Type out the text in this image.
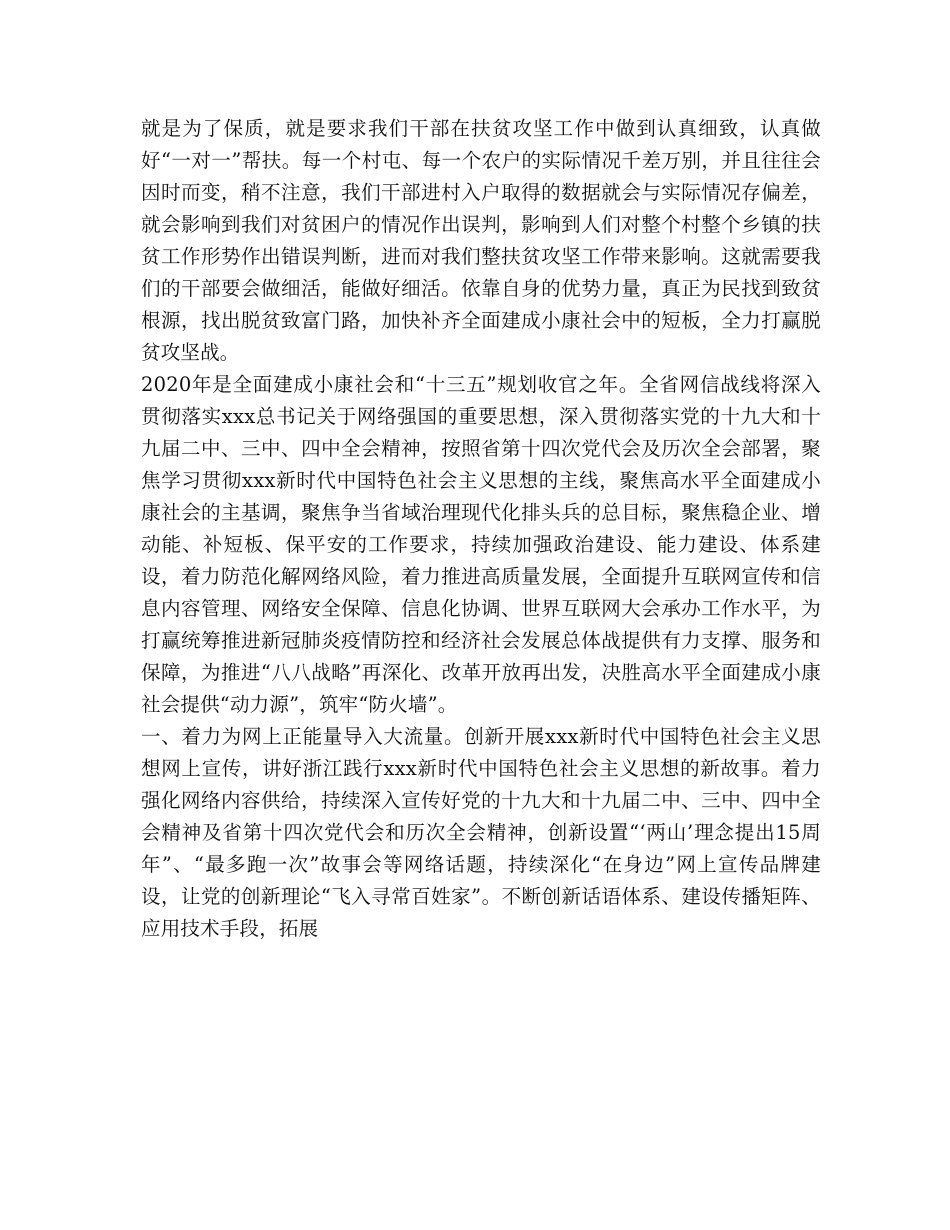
就是为了保质，就是要求我们干部在扶贫攻坚工作中做到认真细致，认真做好“一对一”帮扶。每一个村屯、每一个农户的实际情况千差万别，并且往往会因时而变，稍不注意，我们干部进村入户取得的数据就会与实际情况存偏差，就会影响到我们对贫困户的情况作出误判，影响到人们对整个村整个乡镇的扶贫工作形势作出错误判断，进而对我们整扶贫攻坚工作带来影响。这就需要我们的干部要会做细活，能做好细活。依靠自身的优势力量，真正为民找到致贫根源，找出脱贫致富门路，加快补齐全面建成小康社会中的短板，全力打赢脱贫攻坚战。

2020年是全面建成小康社会和“十三五”规划收官之年。全省网信战线将深入贯彻落实xxx总书记关于网络强国的重要思想，深入贯彻落实党的十九大和十九届二中、三中、四中全会精神，按照省第十四次党代会及历次全会部署，聚焦学习贯彻xxx新时代中国特色社会主义思想的主线，聚焦高水平全面建成小康社会的主基调，聚焦争当省域治理现代化排头兵的总目标，聚焦稳企业、增动能、补短板、保平安的工作要求，持续加强政治建设、能力建设、体系建设，着力防范化解网络风险，着力推进高质量发展，全面提升互联网宣传和信息内容管理、网络安全保障、信息化协调、世界互联网大会承办工作水平，为打赢统筹推进新冠肺炎疫情防控和经济社会发展总体战提供有力支撑、服务和保障，为推进“八八战略”再深化、改革开放再出发，决胜高水平全面建成小康社会提供“动力源”，筑牢“防火墙”。

一、着力为网上正能量导入大流量。创新开展xxx新时代中国特色社会主义思想网上宣传，讲好浙江践行xxx新时代中国特色社会主义思想的新故事。着力强化网络内容供给，持续深入宣传好党的十九大和十九届二中、三中、四中全会精神及省第十四次党代会和历次全会精神，创新设置“‘两山’理念提出15周年”、“最多跑一次”故事会等网络话题，持续深化“在身边”网上宣传品牌建设，让党的创新理论“飞入寻常百姓家”。不断创新话语体系、建设传播矩阵、应用技术手段，拓展
